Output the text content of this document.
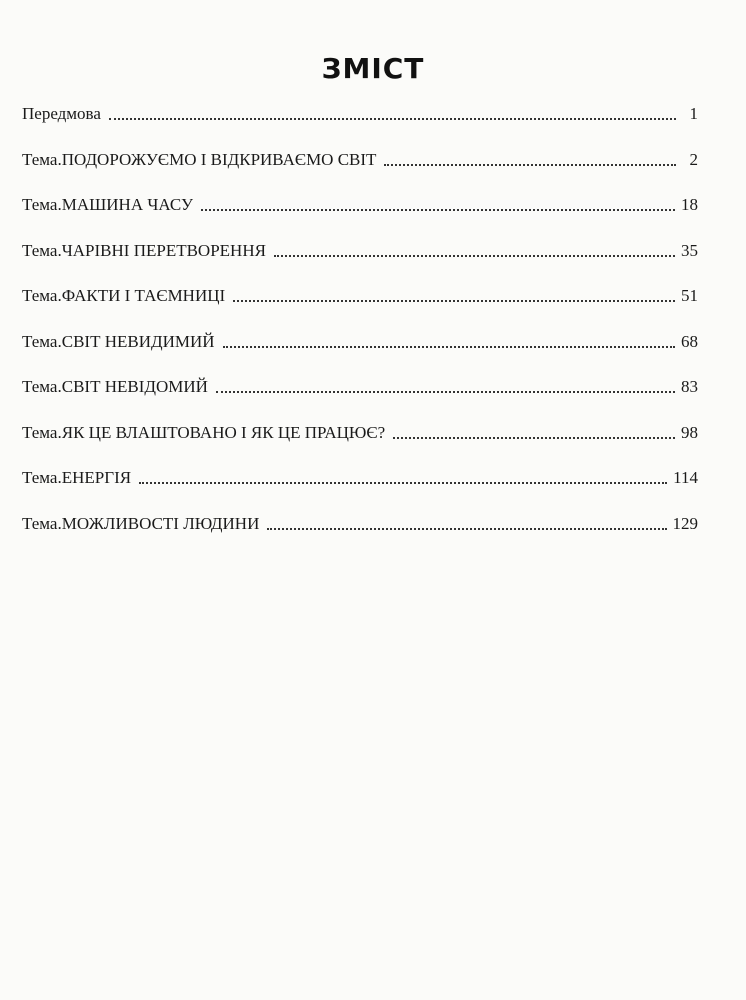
ЗМІСТ
Передмова	1
Тема. ПОДОРОЖУЄМО І ВІДКРИВАЄМО СВІТ	2
Тема. МАШИНА ЧАСУ	18
Тема. ЧАРІВНІ ПЕРЕТВОРЕННЯ	35
Тема. ФАКТИ І ТАЄМНИЦІ	51
Тема. СВІТ НЕВИДИМИЙ	68
Тема. СВІТ НЕВІДОМИЙ	83
Тема. ЯК ЦЕ ВЛАШТОВАНО І ЯК ЦЕ ПРАЦЮЄ?	98
Тема. ЕНЕРГІЯ	114
Тема. МОЖЛИВОСТІ ЛЮДИНИ	129
